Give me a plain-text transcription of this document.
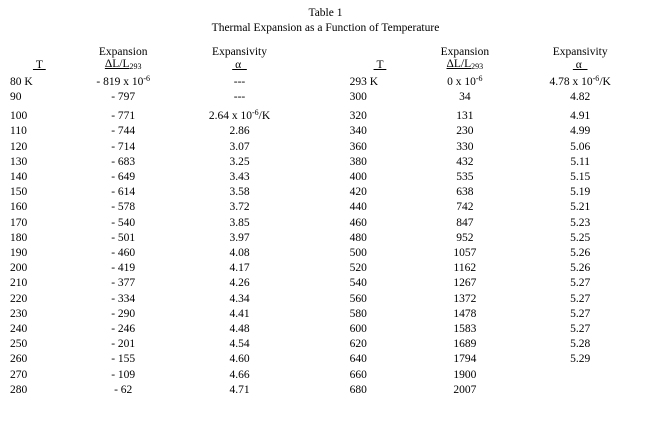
Table 1
Thermal Expansion as a Function of Temperature
	Expansion	Expansivity			Expansion	Expansivity
T	$\Delta L/L_{293}$	α		T	$\Delta L/L_{293}$	α
80 K	- 819 x $10^{-6}$	---		293 K	0 x $10^{-6}$	4.78 x $10^{-6}/K$
90	- 797	---		300	34	4.82
100	- 771	2.64 x $10^{-6}/K$		320	131	4.91
110	- 744	2.86		340	230	4.99
120	- 714	3.07		360	330	5.06
130	- 683	3.25		380	432	5.11
140	- 649	3.43		400	535	5.15
150	- 614	3.58		420	638	5.19
160	- 578	3.72		440	742	5.21
170	- 540	3.85		460	847	5.23
180	- 501	3.97		480	952	5.25
190	- 460	4.08		500	1057	5.26
200	- 419	4.17		520	1162	5.26
210	- 377	4.26		540	1267	5.27
220	- 334	4.34		560	1372	5.27
230	- 290	4.41		580	1478	5.27
240	- 246	4.48		600	1583	5.27
250	- 201	4.54		620	1689	5.28
260	- 155	4.60		640	1794	5.29
270	- 109	4.66		660	1900	
280	- 62	4.71		680	2007	
